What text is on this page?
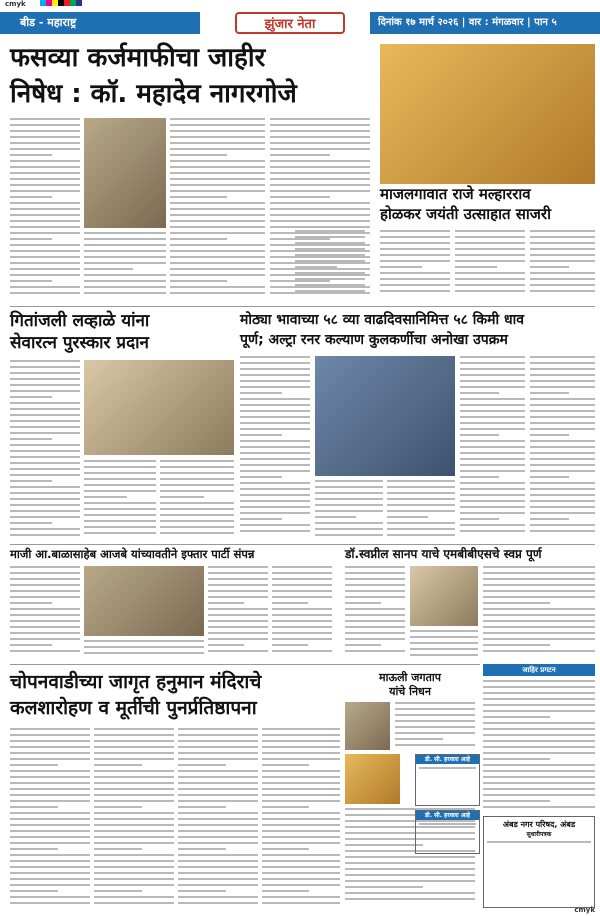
cmyk
बीड - महाराष्ट्र	झुंजार नेता	दिनांक १७ मार्च २०२६ | वार : मंगळवार | पान ५
फसव्या कर्जमाफीचा जाहीर
निषेध : कॉ. महादेव नागरगोजे
माजलगावात राजे मल्हारराव
होळकर जयंती उत्साहात साजरी
गितांजली लव्हाळे यांना
सेवारत्न पुरस्कार प्रदान
मोठ्या भावाच्या ५८ व्या वाढदिवसानिमित्त ५८ किमी धाव
पूर्ण; अल्ट्रा रनर कल्याण कुलकर्णीचा अनोखा उपक्रम
माजी आ.बाळासाहेब आजबे यांच्यावतीने इफ्तार पार्टी संपन्न	डॉ.स्वप्नील सानप याचे एमबीबीएसचे स्वप्न पूर्ण
जाहिर प्रगटन
चोपनवाडीच्या जागृत हनुमान मंदिराचे
कलशारोहण व मूर्तीची पुनर्प्रतिष्ठापना
माऊली जगताप
यांचे निधन
डी. सी. हरवला आहे
डी. सी. हरवला आहे
अंबड नगर परिषद, अंबड
सुधारीपत्रक
cmyk
